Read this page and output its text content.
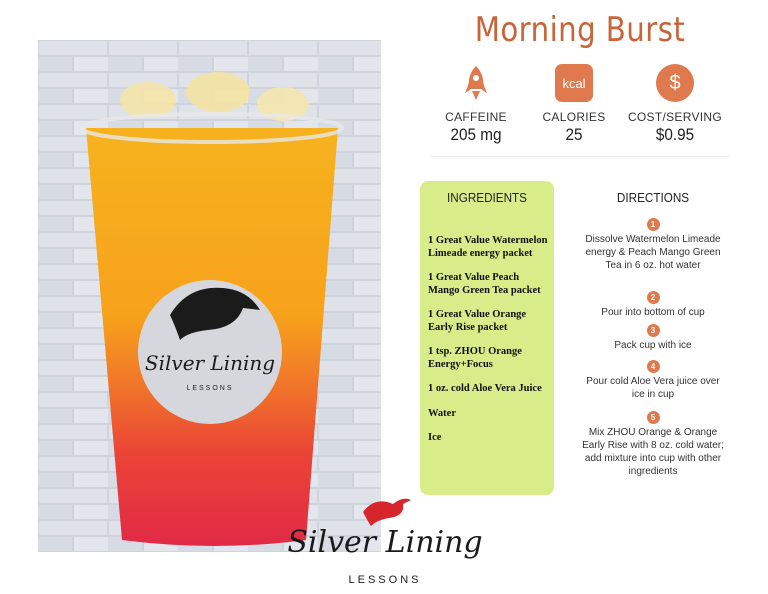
Silver Lining
LESSONS
Morning Burst
CAFFEINE
205 mg
kcal
CALORIES
25
$
COST/SERVING
$0.95
INGREDIENTS
1 Great Value Watermelon Limeade energy packet
1 Great Value Peach Mango Green Tea packet
1 Great Value Orange Early Rise packet
1 tsp. ZHOU Orange Energy+Focus
1 oz. cold Aloe Vera Juice
Water
Ice
DIRECTIONS
1
Dissolve Watermelon Limeade energy & Peach Mango Green Tea in 6 oz. hot water
2
Pour into bottom of cup
3
Pack cup with ice
4
Pour cold Aloe Vera juice over ice in cup
5
Mix ZHOU Orange & Orange Early Rise with 8 oz. cold water; add mixture into cup with other ingredients
Silver Lining
LESSONS
